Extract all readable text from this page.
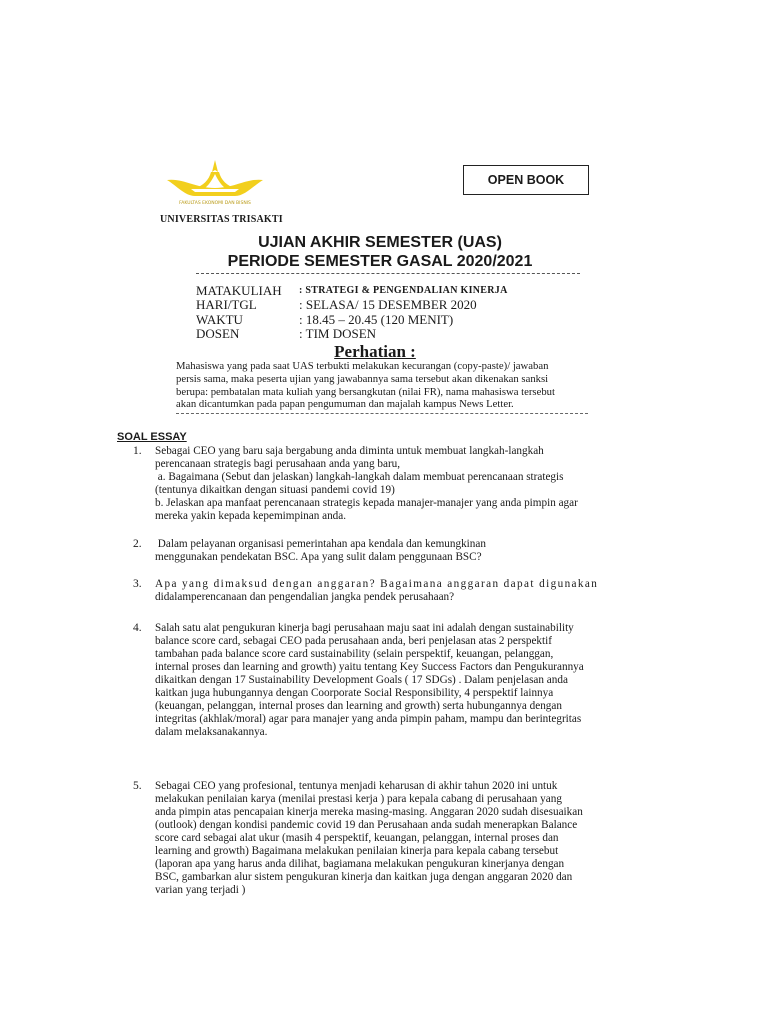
FAKULTAS EKONOMI DAN BISNIS
UNIVERSITAS TRISAKTI
OPEN BOOK
UJIAN AKHIR SEMESTER (UAS)
PERIODE SEMESTER GASAL 2020/2021
MATAKULIAH : STRATEGI & PENGENDALIAN KINERJA
HARI/TGL	: SELASA/ 15 DESEMBER 2020
WAKTU	: 18.45 – 20.45 (120 MENIT)
DOSEN	: TIM DOSEN
Perhatian :
Mahasiswa yang pada saat UAS terbukti melakukan kecurangan (copy-paste)/ jawaban
persis sama, maka peserta ujian yang jawabannya sama tersebut akan dikenakan sanksi
berupa: pembatalan mata kuliah yang bersangkutan (nilai FR), nama mahasiswa tersebut
akan dicantumkan pada papan pengumuman dan majalah kampus News Letter.
SOAL ESSAY
1. Sebagai CEO yang baru saja bergabung anda diminta untuk membuat langkah-langkah
perencanaan strategis bagi perusahaan anda yang baru,
a. Bagaimana (Sebut dan jelaskan) langkah-langkah dalam membuat perencanaan strategis
(tentunya dikaitkan dengan situasi pandemi covid 19)
b. Jelaskan apa manfaat perencanaan strategis kepada manajer-manajer yang anda pimpin agar
mereka yakin kepada kepemimpinan anda.
2. Dalam pelayanan organisasi pemerintahan apa kendala dan kemungkinan
menggunakan pendekatan BSC. Apa yang sulit dalam penggunaan BSC?
3. Apa yang dimaksud dengan anggaran? Bagaimana anggaran dapat digunakan
didalamperencanaan dan pengendalian jangka pendek perusahaan?
4. Salah satu alat pengukuran kinerja bagi perusahaan maju saat ini adalah dengan sustainability
balance score card, sebagai CEO pada perusahaan anda, beri penjelasan atas 2 perspektif
tambahan pada balance score card sustainability (selain perspektif, keuangan, pelanggan,
internal proses dan learning and growth) yaitu tentang Key Success Factors dan Pengukurannya
dikaitkan dengan 17 Sustainability Development Goals ( 17 SDGs) . Dalam penjelasan anda
kaitkan juga hubungannya dengan Coorporate Social Responsibility, 4 perspektif lainnya
(keuangan, pelanggan, internal proses dan learning and growth) serta hubungannya dengan
integritas (akhlak/moral) agar para manajer yang anda pimpin paham, mampu dan berintegritas
dalam melaksanakannya.
5. Sebagai CEO yang profesional, tentunya menjadi keharusan di akhir tahun 2020 ini untuk
melakukan penilaian karya (menilai prestasi kerja ) para kepala cabang di perusahaan yang
anda pimpin atas pencapaian kinerja mereka masing-masing. Anggaran 2020 sudah disesuaikan
(outlook) dengan kondisi pandemic covid 19 dan Perusahaan anda sudah menerapkan Balance
score card sebagai alat ukur (masih 4 perspektif, keuangan, pelanggan, internal proses dan
learning and growth) Bagaimana melakukan penilaian kinerja para kepala cabang tersebut
(laporan apa yang harus anda dilihat, bagiamana melakukan pengukuran kinerjanya dengan
BSC, gambarkan alur sistem pengukuran kinerja dan kaitkan juga dengan anggaran 2020 dan
varian yang terjadi )
